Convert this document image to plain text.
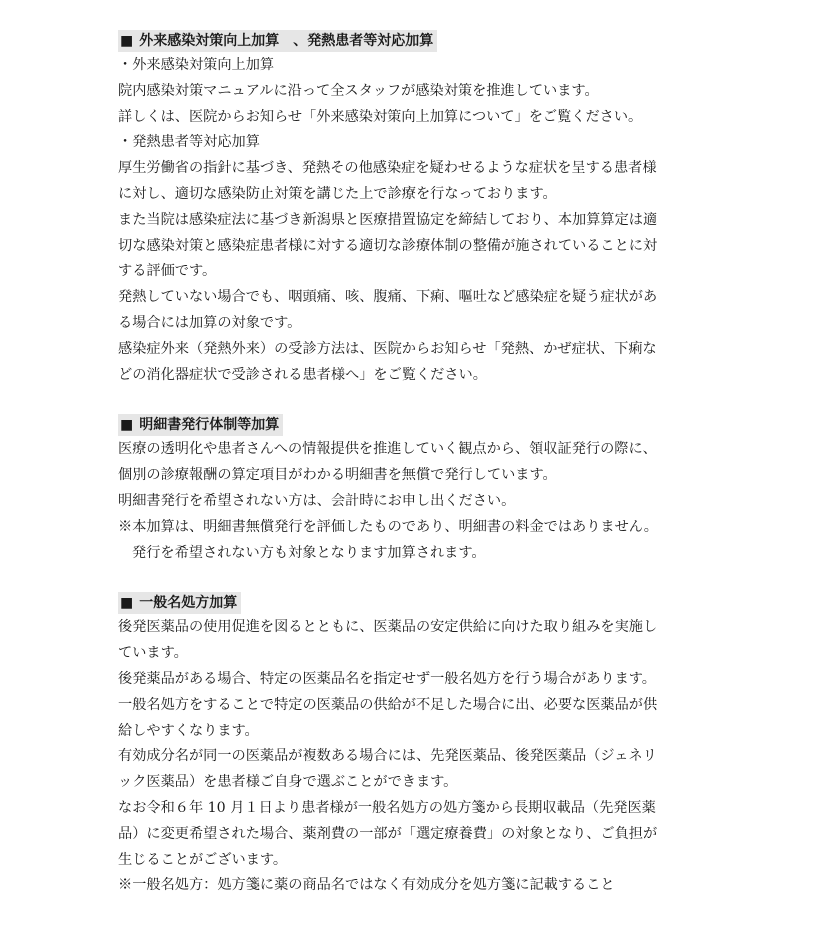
■ 外来感染対策向上加算　、発熱患者等対応加算
・外来感染対策向上加算
院内感染対策マニュアルに沿って全スタッフが感染対策を推進しています。
詳しくは、医院からお知らせ「外来感染対策向上加算について」をご覧ください。
・発熱患者等対応加算
厚生労働省の指針に基づき、発熱その他感染症を疑わせるような症状を呈する患者様
に対し、適切な感染防止対策を講じた上で診療を行なっております。
また当院は感染症法に基づき新潟県と医療措置協定を締結しており、本加算算定は適
切な感染対策と感染症患者様に対する適切な診療体制の整備が施されていることに対
する評価です。
発熱していない場合でも、咽頭痛、咳、腹痛、下痢、嘔吐など感染症を疑う症状があ
る場合には加算の対象です。
感染症外来（発熱外来）の受診方法は、医院からお知らせ「発熱、かぜ症状、下痢な
どの消化器症状で受診される患者様へ」をご覧ください。
■ 明細書発行体制等加算
医療の透明化や患者さんへの情報提供を推進していく観点から、領収証発行の際に、
個別の診療報酬の算定項目がわかる明細書を無償で発行しています。
明細書発行を希望されない方は、会計時にお申し出ください。
※本加算は、明細書無償発行を評価したものであり、明細書の料金ではありません。
発行を希望されない方も対象となります加算されます。
■ 一般名処方加算
後発医薬品の使用促進を図るとともに、医薬品の安定供給に向けた取り組みを実施し
ています。
後発薬品がある場合、特定の医薬品名を指定せず一般名処方を行う場合があります。
一般名処方をすることで特定の医薬品の供給が不足した場合に出、必要な医薬品が供
給しやすくなります。
有効成分名が同一の医薬品が複数ある場合には、先発医薬品、後発医薬品（ジェネリ
ック医薬品）を患者様ご自身で選ぶことができます。
なお令和６年 10 月１日より患者様が一般名処方の処方箋から長期収載品（先発医薬
品）に変更希望された場合、薬剤費の一部が「選定療養費」の対象となり、ご負担が
生じることがございます。
※一般名処方：処方箋に薬の商品名ではなく有効成分を処方箋に記載すること
